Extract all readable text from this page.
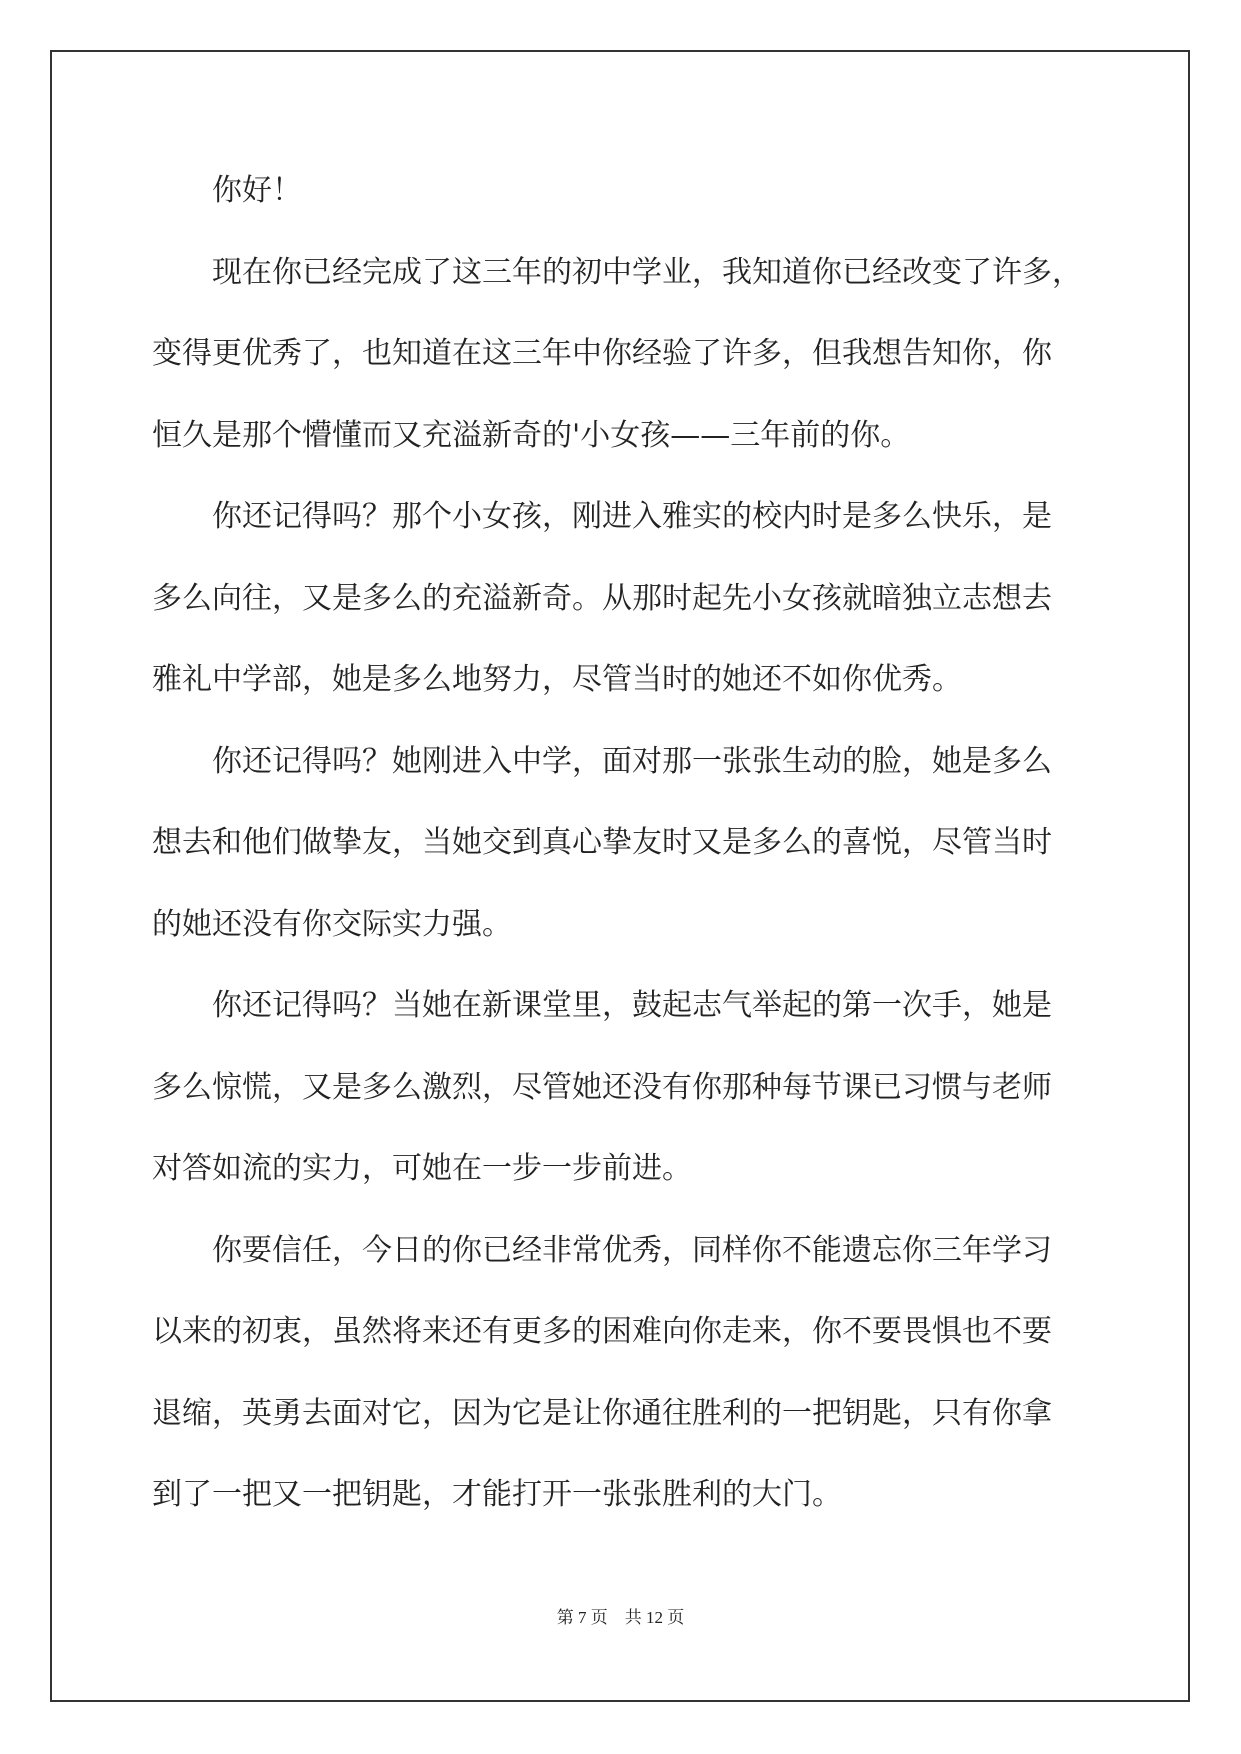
你好！

现在你已经完成了这三年的初中学业，我知道你已经改变了许多，
变得更优秀了，也知道在这三年中你经验了许多，但我想告知你，你
恒久是那个懵懂而又充溢新奇的'小女孩——三年前的你。

你还记得吗？那个小女孩，刚进入雅实的校内时是多么快乐，是
多么向往，又是多么的充溢新奇。从那时起先小女孩就暗独立志想去
雅礼中学部，她是多么地努力，尽管当时的她还不如你优秀。

你还记得吗？她刚进入中学，面对那一张张生动的脸，她是多么
想去和他们做挚友，当她交到真心挚友时又是多么的喜悦，尽管当时
的她还没有你交际实力强。

你还记得吗？当她在新课堂里，鼓起志气举起的第一次手，她是
多么惊慌，又是多么激烈，尽管她还没有你那种每节课已习惯与老师
对答如流的实力，可她在一步一步前进。

你要信任，今日的你已经非常优秀，同样你不能遗忘你三年学习
以来的初衷，虽然将来还有更多的困难向你走来，你不要畏惧也不要
退缩，英勇去面对它，因为它是让你通往胜利的一把钥匙，只有你拿
到了一把又一把钥匙，才能打开一张张胜利的大门。

第 7 页 共 12 页
